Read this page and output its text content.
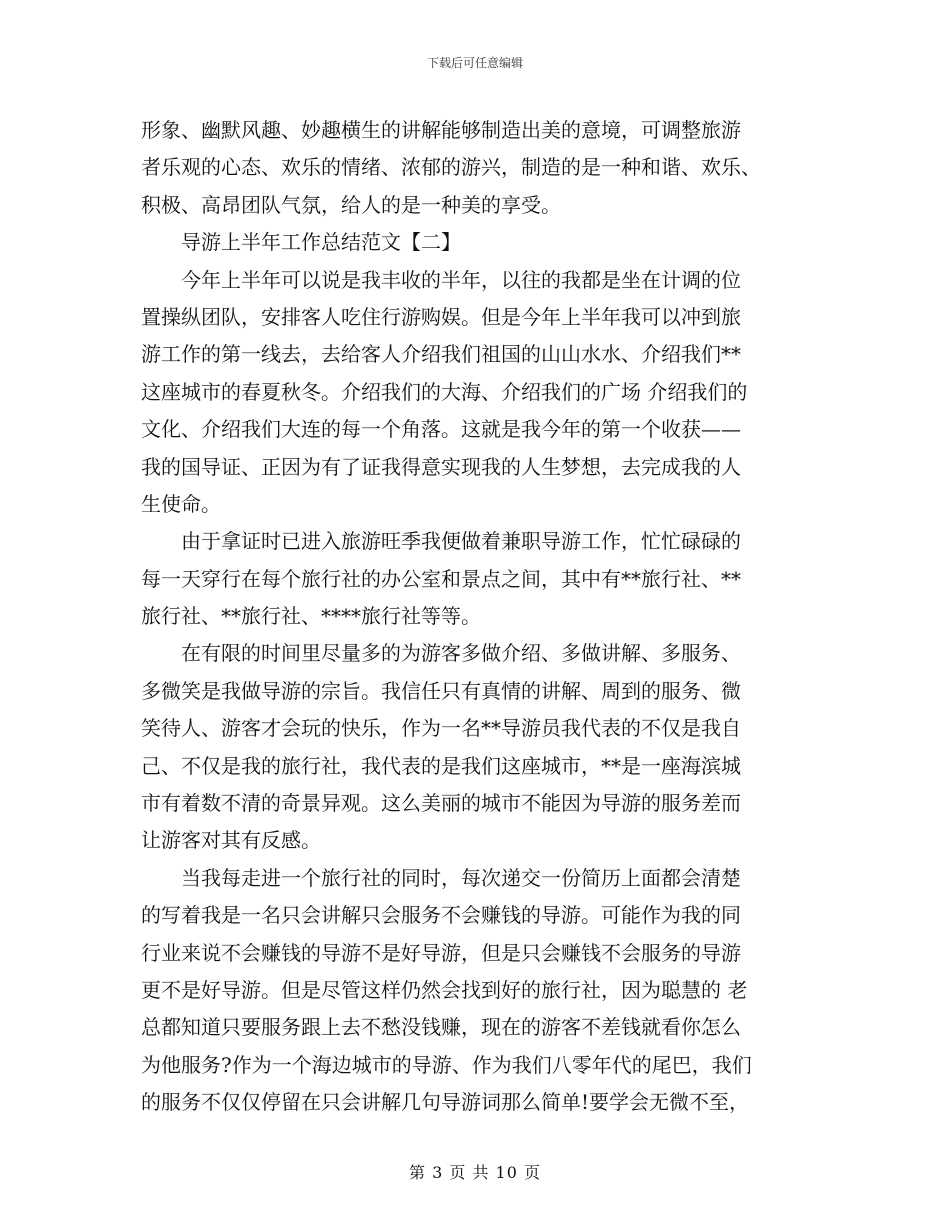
下载后可任意编辑
形象、幽默风趣、妙趣横生的讲解能够制造出美的意境，可调整旅游
者乐观的心态、欢乐的情绪、浓郁的游兴，制造的是一种和谐、欢乐、
积极、高昂团队气氛，给人的是一种美的享受。
导游上半年工作总结范文【二】
今年上半年可以说是我丰收的半年，以往的我都是坐在计调的位
置操纵团队，安排客人吃住行游购娱。但是今年上半年我可以冲到旅
游工作的第一线去，去给客人介绍我们祖国的山山水水、介绍我们**
这座城市的春夏秋冬。介绍我们的大海、介绍我们的广场 介绍我们的
文化、介绍我们大连的每一个角落。这就是我今年的第一个收获——
我的国导证、正因为有了证我得意实现我的人生梦想，去完成我的人
生使命。
由于拿证时已进入旅游旺季我便做着兼职导游工作，忙忙碌碌的
每一天穿行在每个旅行社的办公室和景点之间，其中有**旅行社、**
旅行社、**旅行社、****旅行社等等。
在有限的时间里尽量多的为游客多做介绍、多做讲解、多服务、
多微笑是我做导游的宗旨。我信任只有真情的讲解、周到的服务、微
笑待人、游客才会玩的快乐，作为一名**导游员我代表的不仅是我自
己、不仅是我的旅行社，我代表的是我们这座城市，**是一座海滨城
市有着数不清的奇景异观。这么美丽的城市不能因为导游的服务差而
让游客对其有反感。
当我每走进一个旅行社的同时，每次递交一份简历上面都会清楚
的写着我是一名只会讲解只会服务不会赚钱的导游。可能作为我的同
行业来说不会赚钱的导游不是好导游，但是只会赚钱不会服务的导游
更不是好导游。但是尽管这样仍然会找到好的旅行社，因为聪慧的 老
总都知道只要服务跟上去不愁没钱赚，现在的游客不差钱就看你怎么
为他服务?作为一个海边城市的导游、作为我们八零年代的尾巴，我们
的服务不仅仅停留在只会讲解几句导游词那么简单!要学会无微不至，
第 3 页 共 10 页
